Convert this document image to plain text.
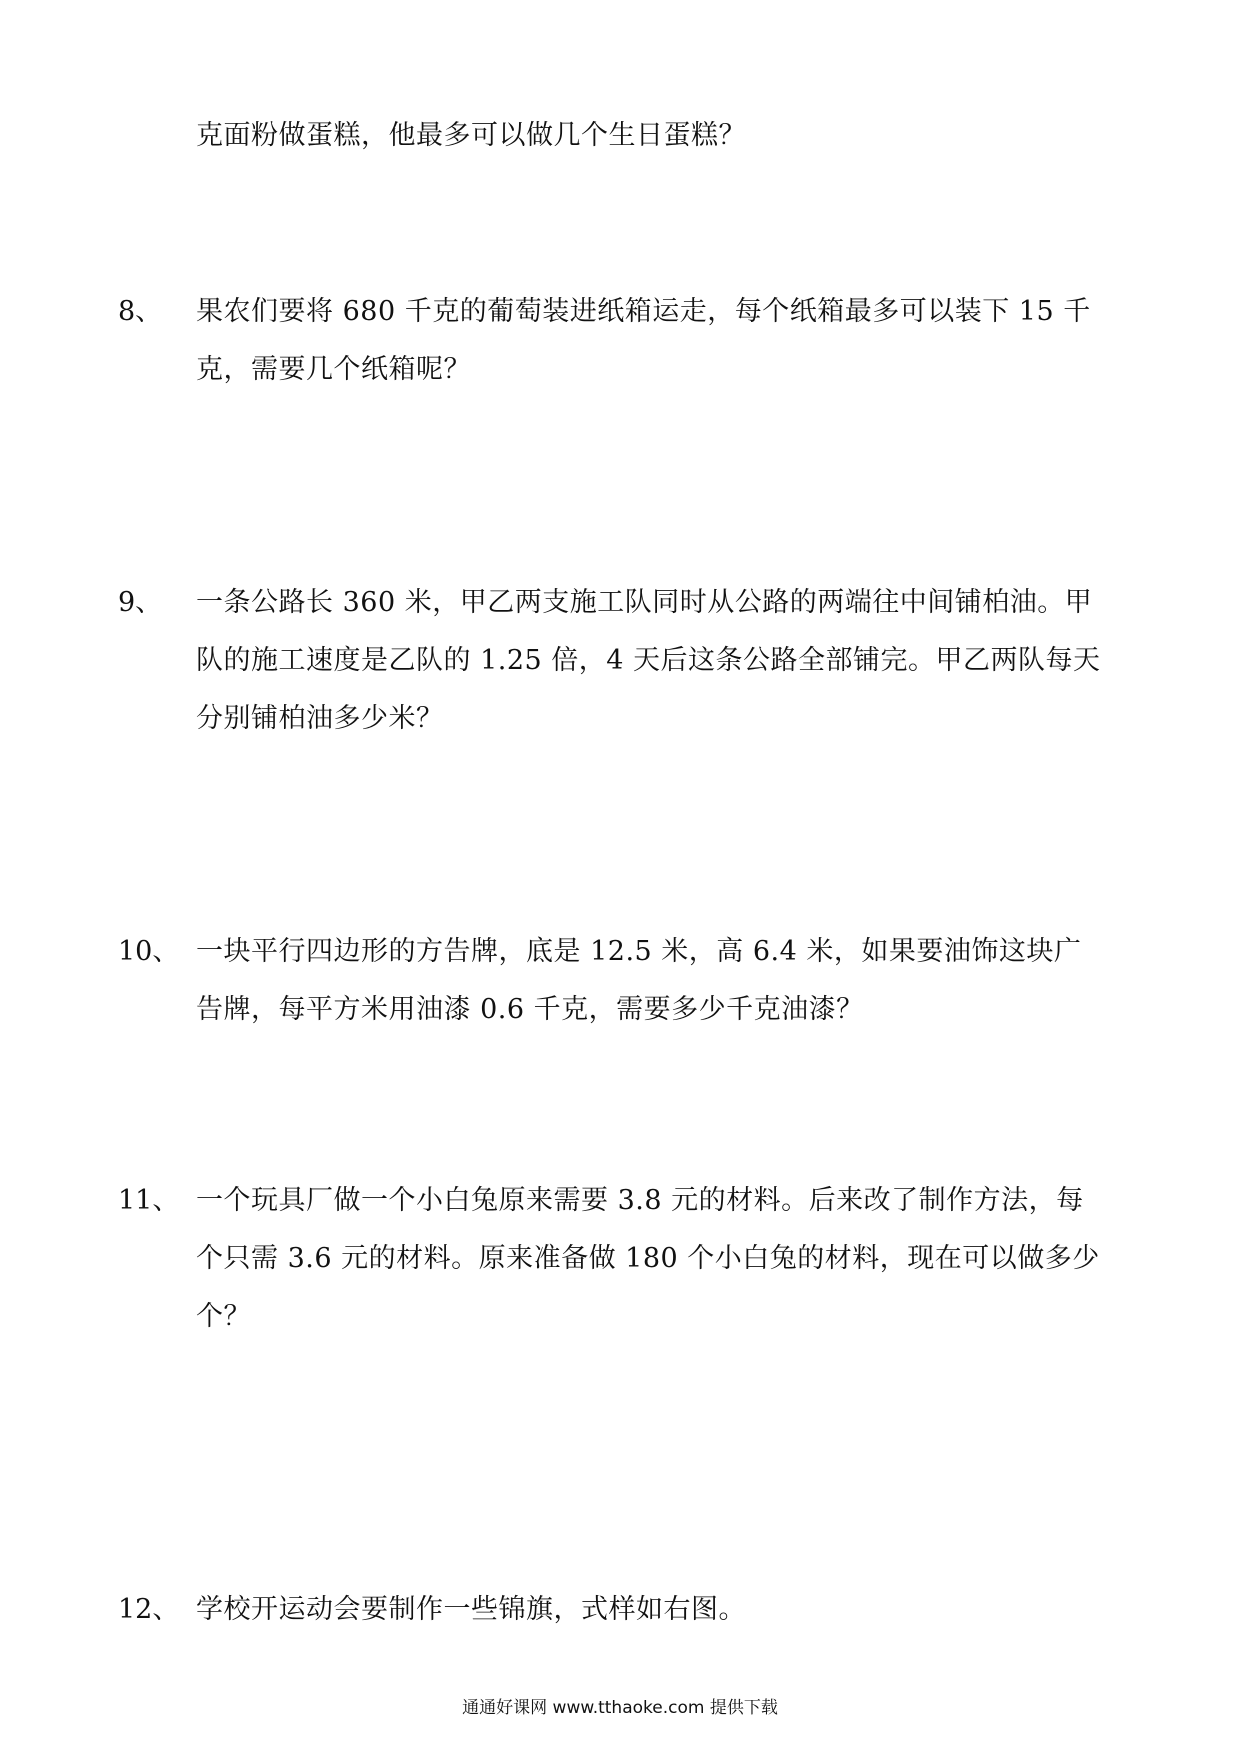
克面粉做蛋糕，他最多可以做几个生日蛋糕？
8、 果农们要将 680 千克的葡萄装进纸箱运走，每个纸箱最多可以装下 15 千
克，需要几个纸箱呢？
9、 一条公路长 360 米，甲乙两支施工队同时从公路的两端往中间铺柏油。甲
队的施工速度是乙队的 1.25 倍，4 天后这条公路全部铺完。甲乙两队每天
分别铺柏油多少米？
10、 一块平行四边形的方告牌，底是 12.5 米，高 6.4 米，如果要油饰这块广
告牌，每平方米用油漆 0.6 千克，需要多少千克油漆？
11、 一个玩具厂做一个小白兔原来需要 3.8 元的材料。后来改了制作方法，每
个只需 3.6 元的材料。原来准备做 180 个小白兔的材料，现在可以做多少
个？
12、 学校开运动会要制作一些锦旗，式样如右图。
通通好课网 www.tthaoke.com 提供下载
